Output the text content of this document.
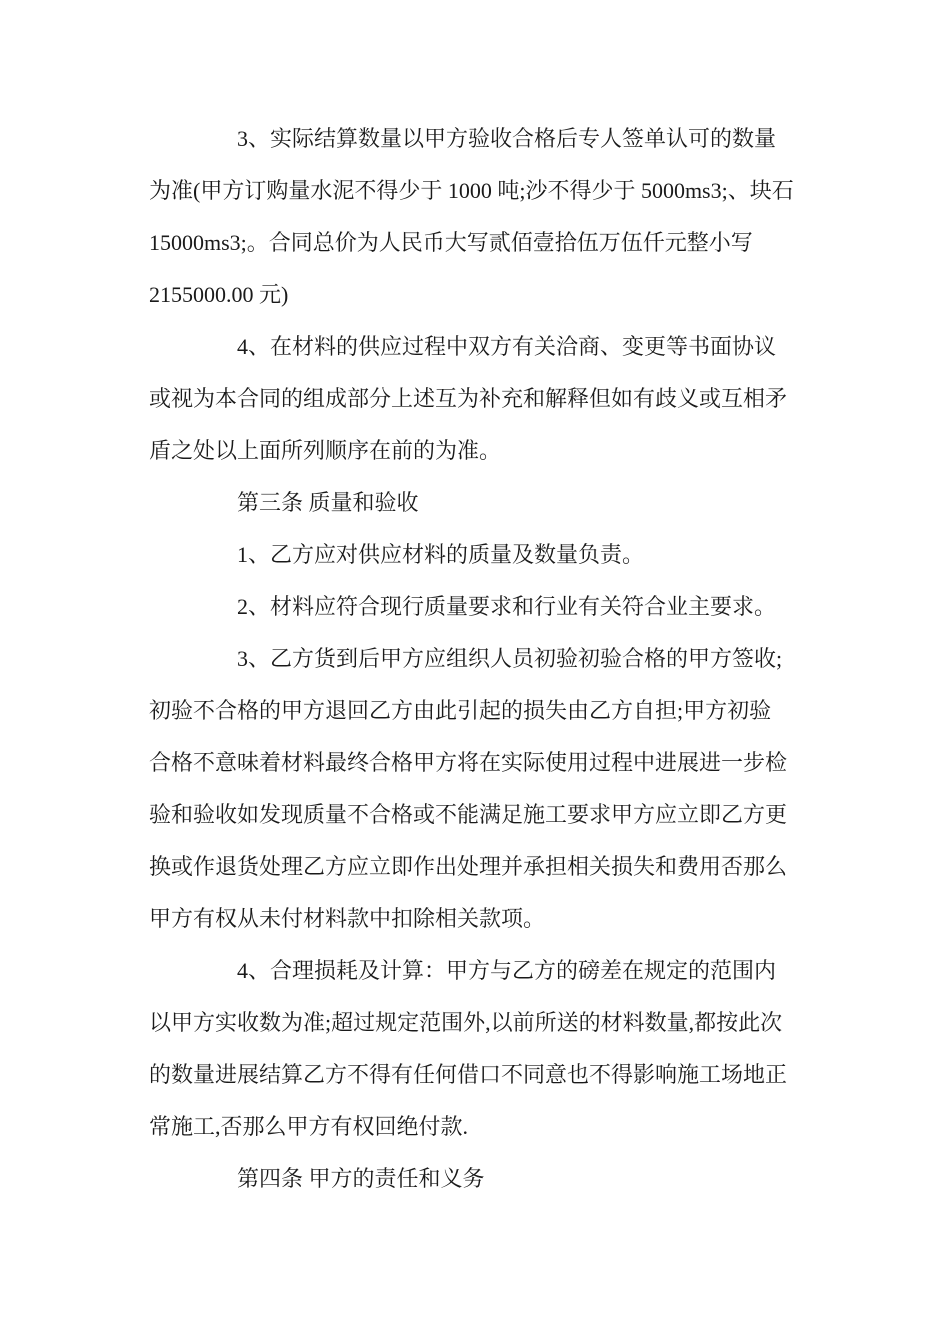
3、实际结算数量以甲方验收合格后专人签单认可的数量

为准(甲方订购量水泥不得少于 1000 吨;沙不得少于 5000ms3;、块石

15000ms3;。合同总价为人民币大写贰佰壹拾伍万伍仟元整小写

2155000.00 元)

4、在材料的供应过程中双方有关洽商、变更等书面协议

或视为本合同的组成部分上述互为补充和解释但如有歧义或互相矛

盾之处以上面所列顺序在前的为准。

第三条 质量和验收

1、乙方应对供应材料的质量及数量负责。

2、材料应符合现行质量要求和行业有关符合业主要求。

3、乙方货到后甲方应组织人员初验初验合格的甲方签收;

初验不合格的甲方退回乙方由此引起的损失由乙方自担;甲方初验

合格不意味着材料最终合格甲方将在实际使用过程中进展进一步检

验和验收如发现质量不合格或不能满足施工要求甲方应立即乙方更

换或作退货处理乙方应立即作出处理并承担相关损失和费用否那么

甲方有权从未付材料款中扣除相关款项。

4、合理损耗及计算：甲方与乙方的磅差在规定的范围内

以甲方实收数为准;超过规定范围外,以前所送的材料数量,都按此次

的数量进展结算乙方不得有任何借口不同意也不得影响施工场地正

常施工,否那么甲方有权回绝付款.

第四条 甲方的责任和义务
